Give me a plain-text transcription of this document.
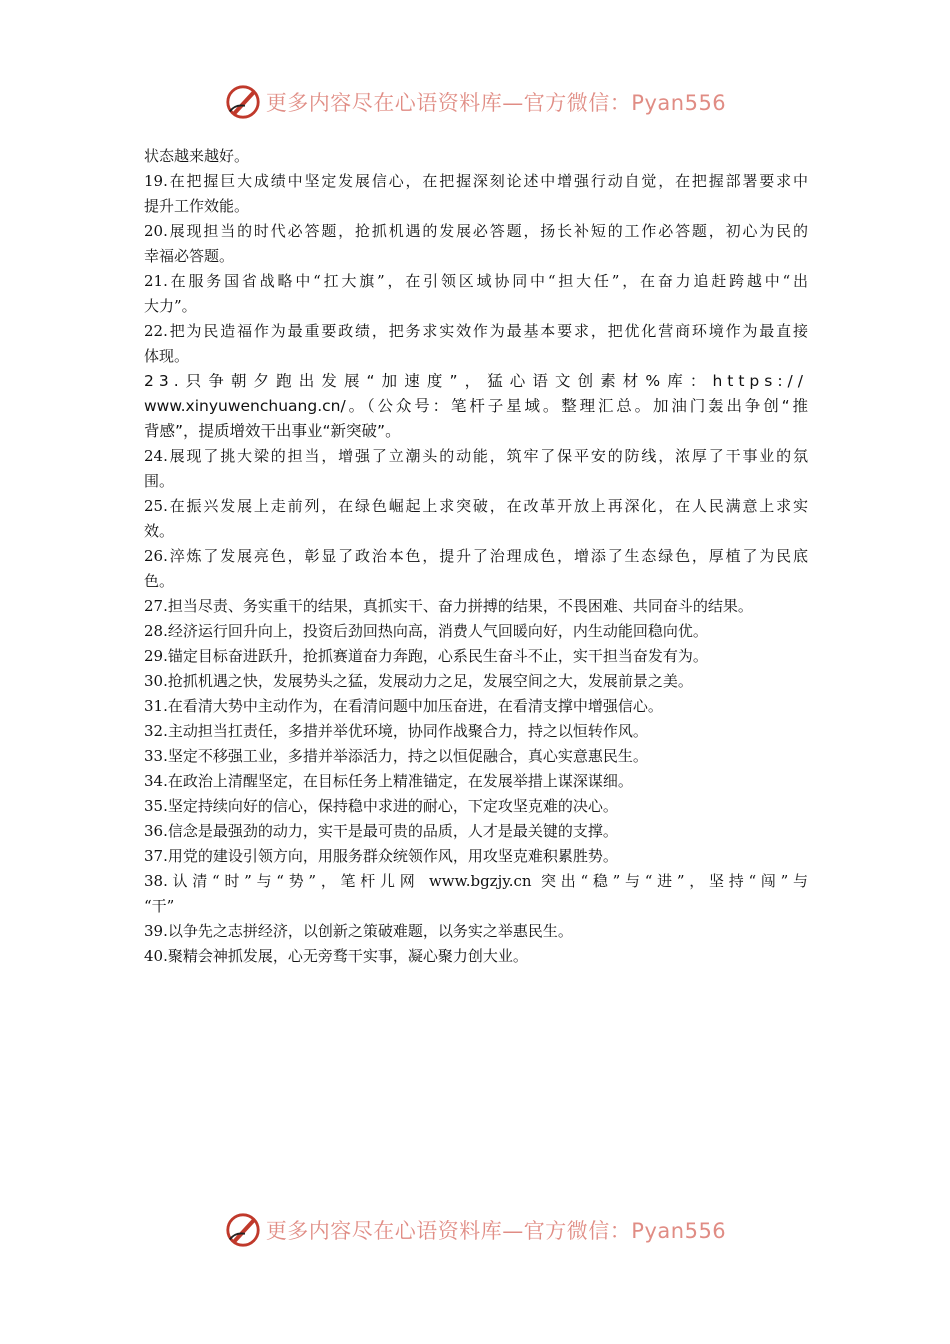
更多内容尽在心语资料库—官方微信：Pyan556
状态越来越好。
19.在把握巨大成绩中坚定发展信心，在把握深刻论述中增强行动自觉，在把握部署要求中
提升工作效能。
20.展现担当的时代必答题，抢抓机遇的发展必答题，扬长补短的工作必答题，初心为民的
幸福必答题。
21.在服务国省战略中“扛大旗”，在引领区域协同中“担大任”，在奋力追赶跨越中“出
大力”。
22.把为民造福作为最重要政绩，把务求实效作为最基本要求，把优化营商环境作为最直接
体现。
23.只争朝夕跑出发展“加速度”，猛心语文创素材%库：https://
www.xinyuwenchuang.cn/。（公众号：笔杆子星域。整理汇总。加油门轰出争创“推
背感”，提质增效干出事业“新突破”。
24.展现了挑大梁的担当，增强了立潮头的动能，筑牢了保平安的防线，浓厚了干事业的氛
围。
25.在振兴发展上走前列，在绿色崛起上求突破，在改革开放上再深化，在人民满意上求实
效。
26.淬炼了发展亮色，彰显了政治本色，提升了治理成色，增添了生态绿色，厚植了为民底
色。
27.担当尽责、务实重干的结果，真抓实干、奋力拼搏的结果，不畏困难、共同奋斗的结果。
28.经济运行回升向上，投资后劲回热向高，消费人气回暖向好，内生动能回稳向优。
29.锚定目标奋进跃升，抢抓赛道奋力奔跑，心系民生奋斗不止，实干担当奋发有为。
30.抢抓机遇之快，发展势头之猛，发展动力之足，发展空间之大，发展前景之美。
31.在看清大势中主动作为，在看清问题中加压奋进，在看清支撑中增强信心。
32.主动担当扛责任，多措并举优环境，协同作战聚合力，持之以恒转作风。
33.坚定不移强工业，多措并举添活力，持之以恒促融合，真心实意惠民生。
34.在政治上清醒坚定，在目标任务上精准锚定，在发展举措上谋深谋细。
35.坚定持续向好的信心，保持稳中求进的耐心，下定攻坚克难的决心。
36.信念是最强劲的动力，实干是最可贵的品质，人才是最关键的支撑。
37.用党的建设引领方向，用服务群众统领作风，用攻坚克难积累胜势。
38.认清“时”与“势”，笔杆儿网 www.bgzjy.cn 突出“稳”与“进”，坚持“闯”与
“干”
39.以争先之志拼经济，以创新之策破难题，以务实之举惠民生。
40.聚精会神抓发展，心无旁骛干实事，凝心聚力创大业。
更多内容尽在心语资料库—官方微信：Pyan556
